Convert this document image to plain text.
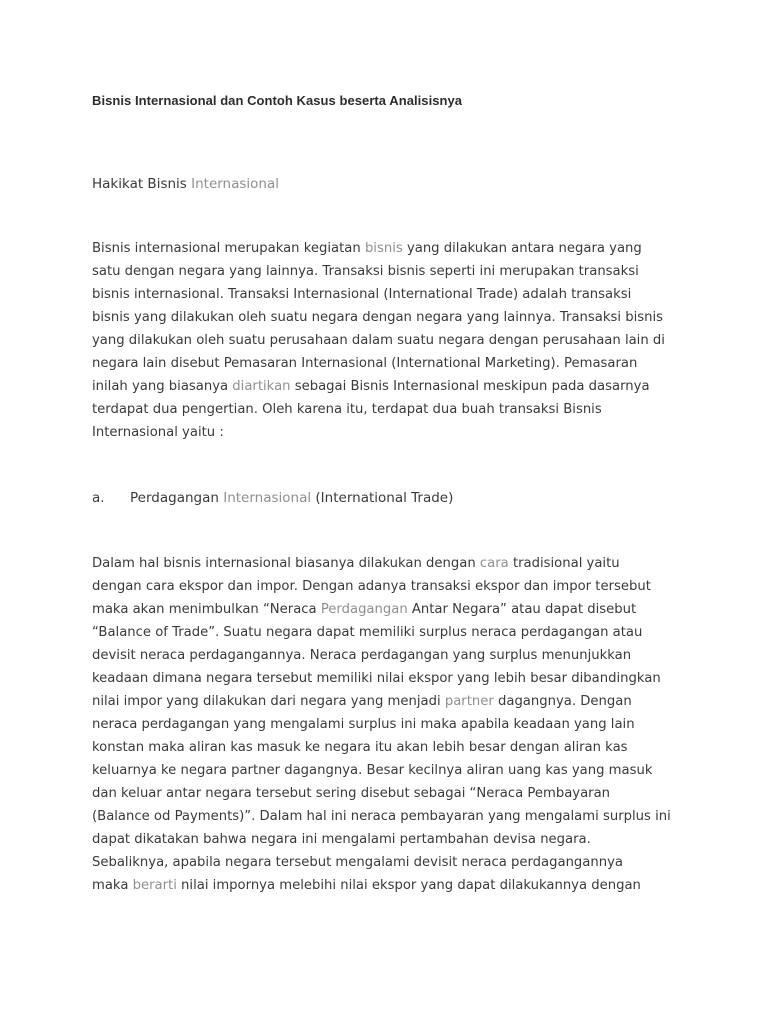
Bisnis Internasional dan Contoh Kasus beserta Analisisnya
Hakikat Bisnis Internasional
Bisnis internasional merupakan kegiatan bisnis yang dilakukan antara negara yang
satu dengan negara yang lainnya. Transaksi bisnis seperti ini merupakan transaksi
bisnis internasional. Transaksi Internasional (International Trade) adalah transaksi
bisnis yang dilakukan oleh suatu negara dengan negara yang lainnya. Transaksi bisnis
yang dilakukan oleh suatu perusahaan dalam suatu negara dengan perusahaan lain di
negara lain disebut Pemasaran Internasional (International Marketing). Pemasaran
inilah yang biasanya diartikan sebagai Bisnis Internasional meskipun pada dasarnya
terdapat dua pengertian. Oleh karena itu, terdapat dua buah transaksi Bisnis
Internasional yaitu :
a. Perdagangan Internasional (International Trade)
Dalam hal bisnis internasional biasanya dilakukan dengan cara tradisional yaitu
dengan cara ekspor dan impor. Dengan adanya transaksi ekspor dan impor tersebut
maka akan menimbulkan “Neraca Perdagangan Antar Negara” atau dapat disebut
“Balance of Trade”. Suatu negara dapat memiliki surplus neraca perdagangan atau
devisit neraca perdagangannya. Neraca perdagangan yang surplus menunjukkan
keadaan dimana negara tersebut memiliki nilai ekspor yang lebih besar dibandingkan
nilai impor yang dilakukan dari negara yang menjadi partner dagangnya. Dengan
neraca perdagangan yang mengalami surplus ini maka apabila keadaan yang lain
konstan maka aliran kas masuk ke negara itu akan lebih besar dengan aliran kas
keluarnya ke negara partner dagangnya. Besar kecilnya aliran uang kas yang masuk
dan keluar antar negara tersebut sering disebut sebagai “Neraca Pembayaran
(Balance od Payments)”. Dalam hal ini neraca pembayaran yang mengalami surplus ini
dapat dikatakan bahwa negara ini mengalami pertambahan devisa negara.
Sebaliknya, apabila negara tersebut mengalami devisit neraca perdagangannya
maka berarti nilai impornya melebihi nilai ekspor yang dapat dilakukannya dengan
